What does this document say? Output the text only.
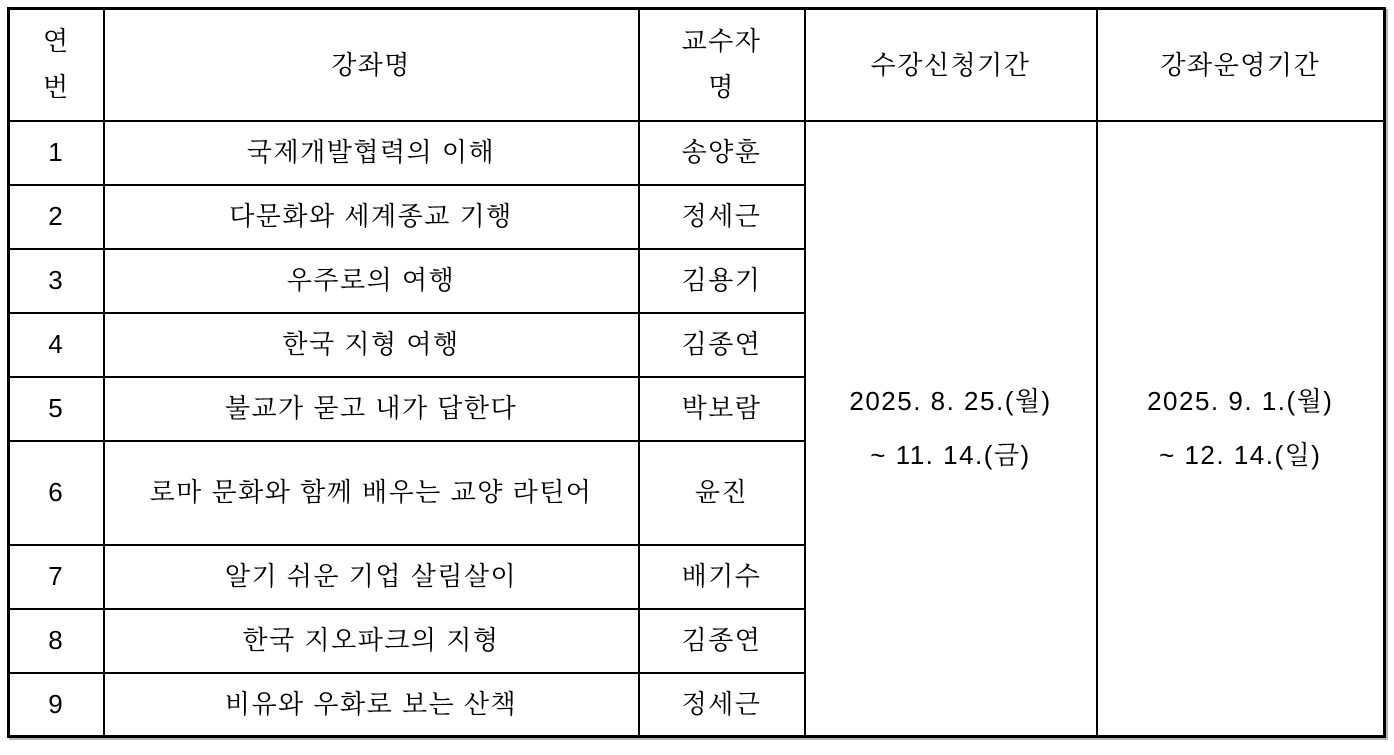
연번	강좌명	교수자명	수강신청기간	강좌운영기간
1	국제개발협력의 이해	송양훈	
2025. 8. 25.(월)
~ 11. 14.(금)

2025. 9. 1.(월)
~ 12. 14.(일)

2	다문화와 세계종교 기행	정세근		
3	우주로의 여행	김용기		
4	한국 지형 여행	김종연		
5	불교가 묻고 내가 답한다	박보람		
6	로마 문화와 함께 배우는 교양 라틴어	윤진		
7	알기 쉬운 기업 살림살이	배기수		
8	한국 지오파크의 지형	김종연		
9	비유와 우화로 보는 산책	정세근		
